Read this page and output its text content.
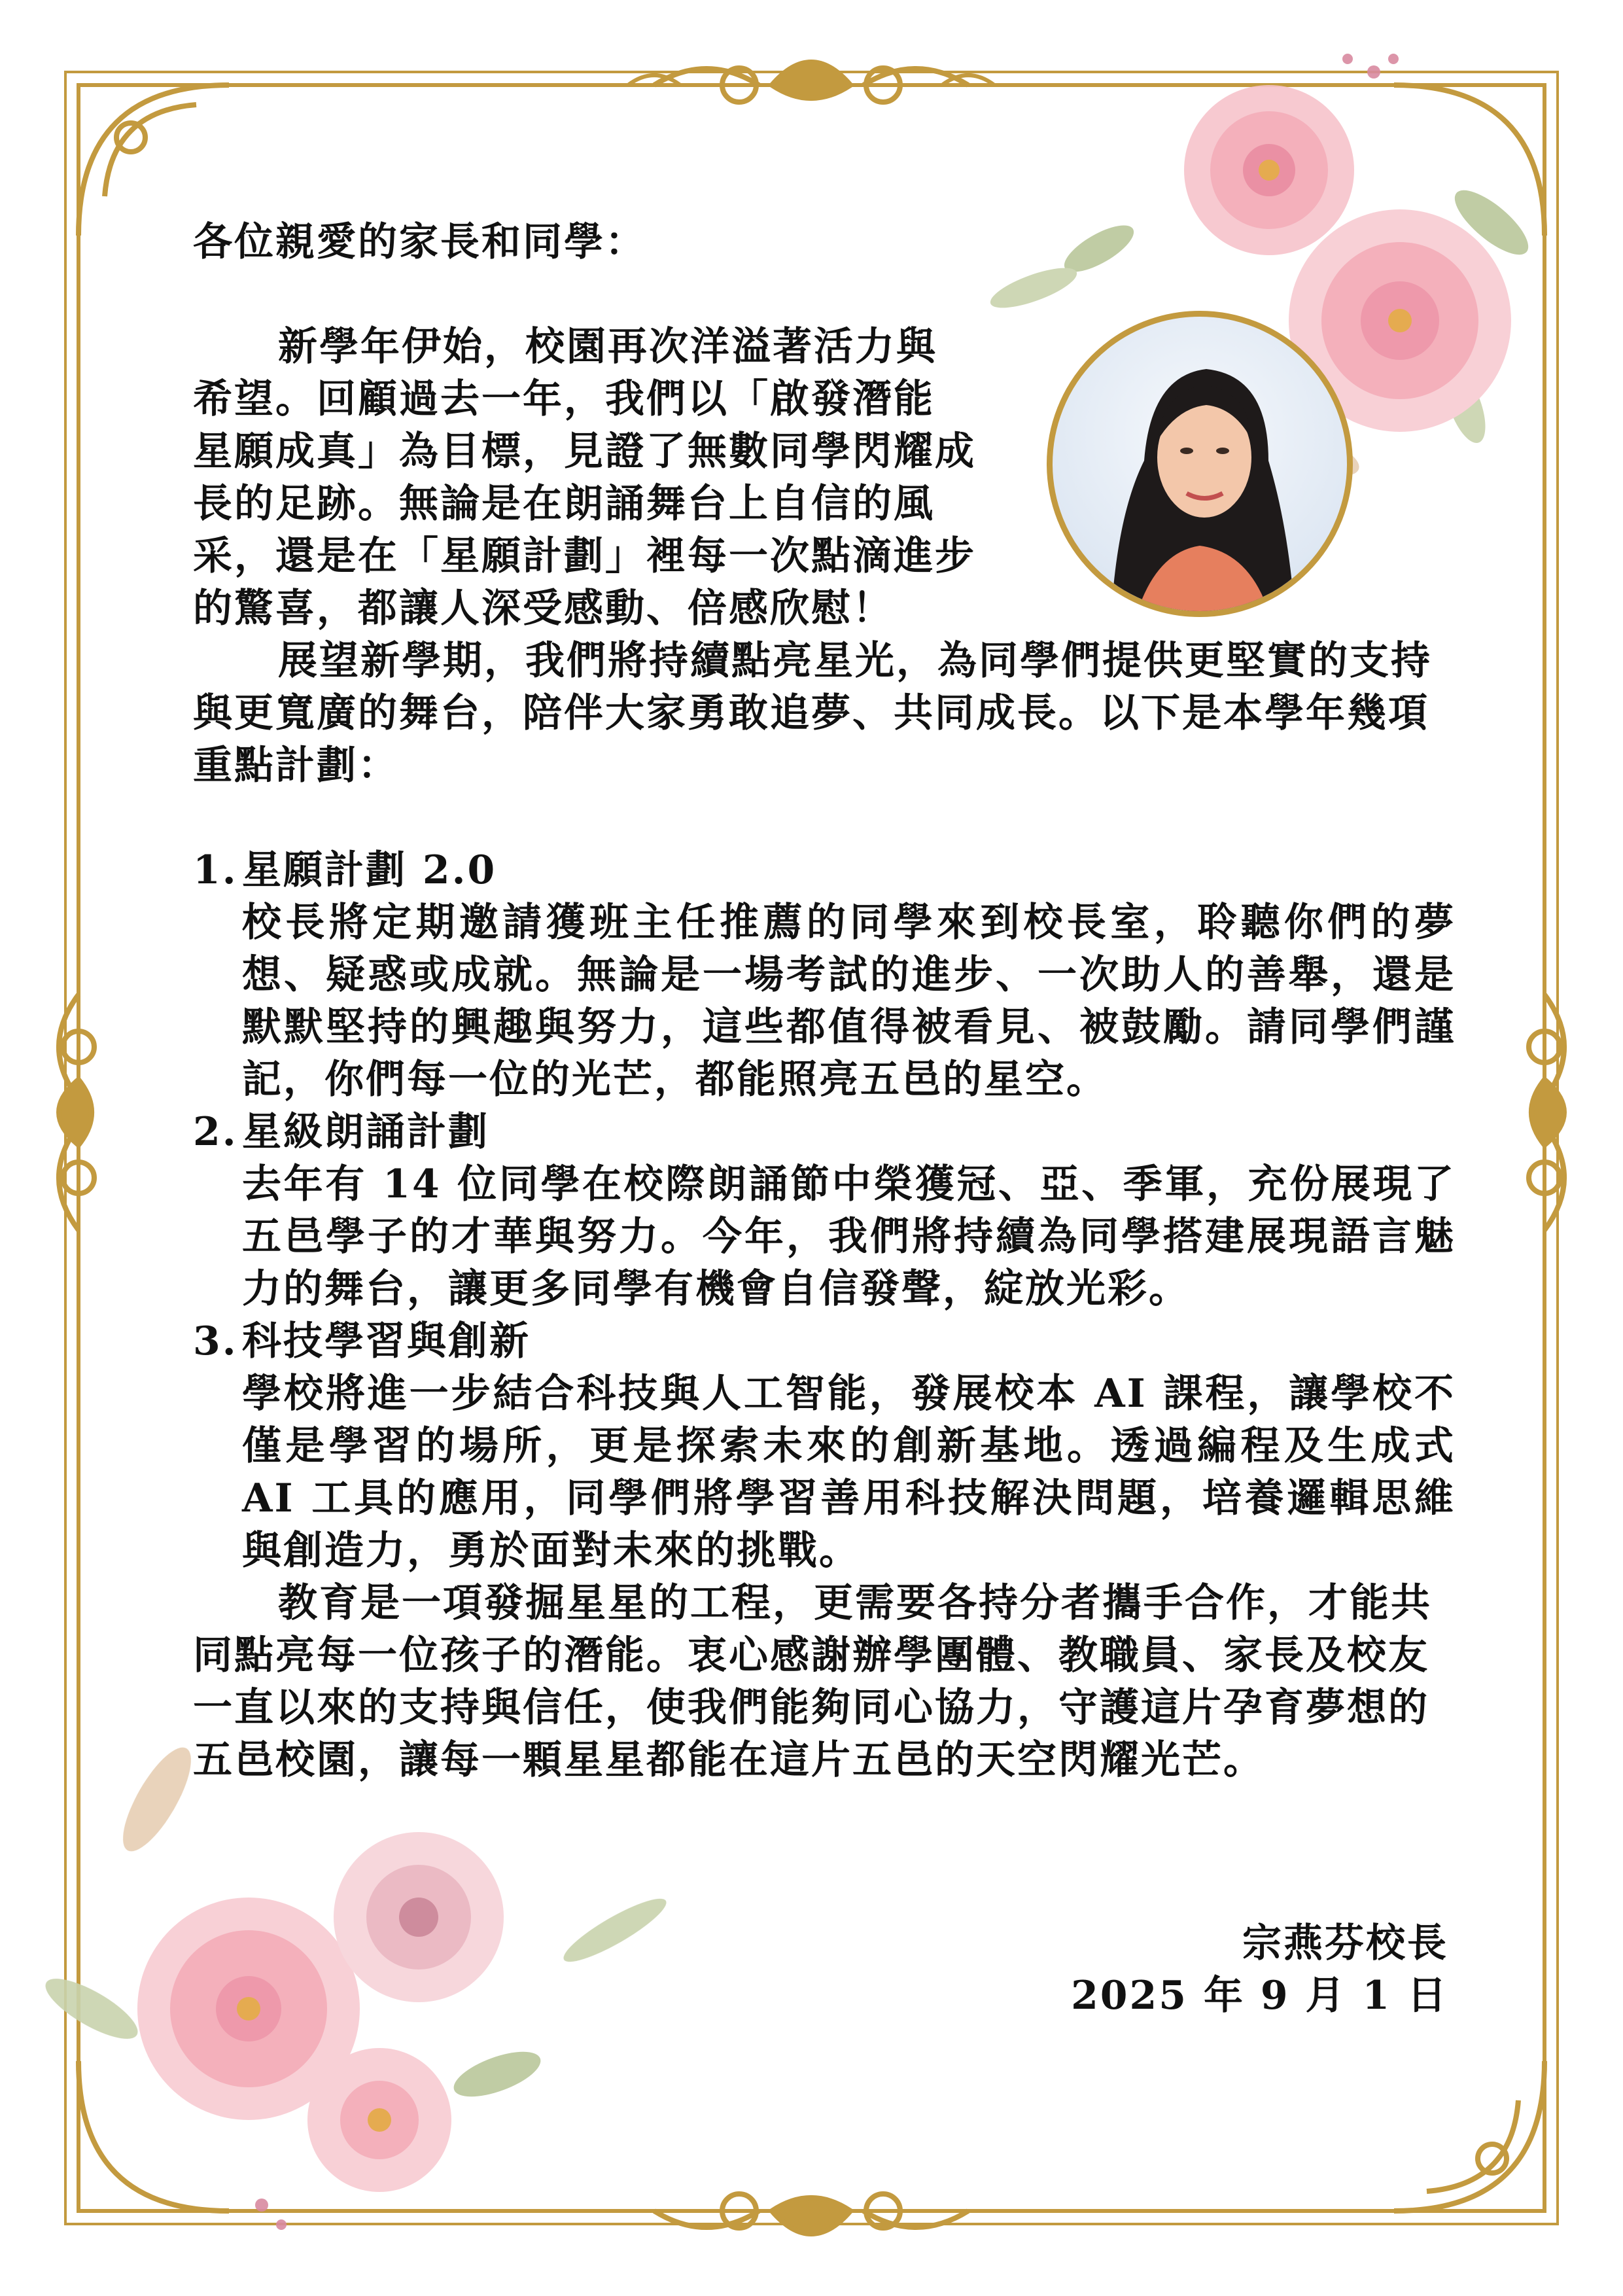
各位親愛的家長和同學：

新學年伊始，校園再次洋溢著活力與希望。回顧過去一年，我們以「啟發潛能 星願成真」為目標，見證了無數同學閃耀成長的足跡。無論是在朗誦舞台上自信的風采，還是在「星願計劃」裡每一次點滴進步的驚喜，都讓人深受感動、倍感欣慰！

展望新學期，我們將持續點亮星光，為同學們提供更堅實的支持與更寬廣的舞台，陪伴大家勇敢追夢、共同成長。以下是本學年幾項重點計劃：

1. 星願計劃 2.0

校長將定期邀請獲班主任推薦的同學來到校長室，聆聽你們的夢想、疑惑或成就。無論是一場考試的進步、一次助人的善舉，還是默默堅持的興趣與努力，這些都值得被看見、被鼓勵。請同學們謹記，你們每一位的光芒，都能照亮五邑的星空。

2. 星級朗誦計劃

去年有 14 位同學在校際朗誦節中榮獲冠、亞、季軍，充份展現了五邑學子的才華與努力。今年，我們將持續為同學搭建展現語言魅力的舞台，讓更多同學有機會自信發聲，綻放光彩。

3. 科技學習與創新

學校將進一步結合科技與人工智能，發展校本 AI 課程，讓學校不僅是學習的場所，更是探索未來的創新基地。透過編程及生成式 AI 工具的應用，同學們將學習善用科技解決問題，培養邏輯思維與創造力，勇於面對未來的挑戰。

教育是一項發掘星星的工程，更需要各持分者攜手合作，才能共同點亮每一位孩子的潛能。衷心感謝辦學團體、教職員、家長及校友一直以來的支持與信任，使我們能夠同心協力，守護這片孕育夢想的五邑校園，讓每一顆星星都能在這片五邑的天空閃耀光芒。

宗燕芬校長
2025 年 9 月 1 日
